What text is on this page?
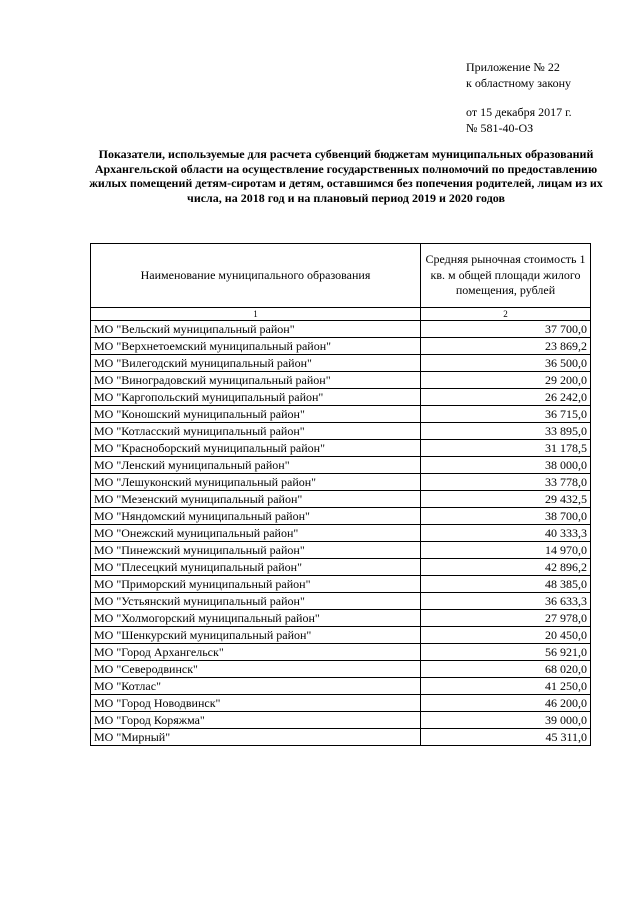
Приложение № 22
к областному закону
от 15 декабря 2017 г.
№ 581-40-ОЗ
Показатели, используемые для расчета субвенций бюджетам муниципальных образований Архангельской области на осуществление государственных полномочий по предоставлению жилых помещений детям-сиротам и детям, оставшимся без попечения родителей, лицам из их числа, на 2018 год и на плановый период 2019 и 2020 годов
Наименование муниципального образования	Средняя рыночная стоимость 1 кв. м общей площади жилого помещения, рублей
1	2
МО "Вельский муниципальный район"	37 700,0
МО "Верхнетоемский муниципальный район"	23 869,2
МО "Вилегодский муниципальный район"	36 500,0
МО "Виноградовский муниципальный район"	29 200,0
МО "Каргопольский муниципальный район"	26 242,0
МО "Коношский муниципальный район"	36 715,0
МО "Котласский муниципальный район"	33 895,0
МО "Красноборский муниципальный район"	31 178,5
МО "Ленский муниципальный район"	38 000,0
МО "Лешуконский муниципальный район"	33 778,0
МО "Мезенский муниципальный район"	29 432,5
МО "Няндомский муниципальный район"	38 700,0
МО "Онежский муниципальный район"	40 333,3
МО "Пинежский муниципальный район"	14 970,0
МО "Плесецкий муниципальный район"	42 896,2
МО "Приморский муниципальный район"	48 385,0
МО "Устьянский муниципальный район"	36 633,3
МО "Холмогорский муниципальный район"	27 978,0
МО "Шенкурский муниципальный район"	20 450,0
МО "Город Архангельск"	56 921,0
МО "Северодвинск"	68 020,0
МО "Котлас"	41 250,0
МО "Город Новодвинск"	46 200,0
МО "Город Коряжма"	39 000,0
МО "Мирный"	45 311,0
